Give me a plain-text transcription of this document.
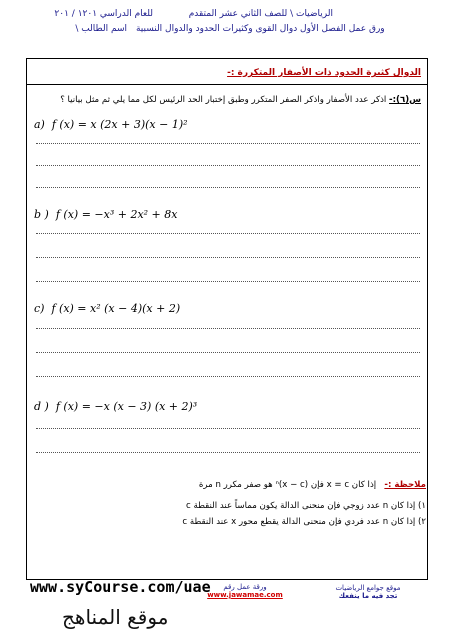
الرياضيات \ للصف الثاني عشر المتقدم
للعام الدراسي ١٢٠١ / ٢٠١
ورق عمل الفصل الأول دوال القوى وكثيرات الحدود والدوال النسبية اسم الطالب \
الدوال كثيرة الحدود ذات الأصفار المتكررة :-
س(٦):- اذكر عدد الأصفار واذكر الصفر المتكرر وطبق إختبار الحد الرئيس لكل مما يلي ثم مثل بيانيا ؟
a) f (x) = x (2x + 3)(x − 1)²
b ) f (x) = −x³ + 2x² + 8x
c) f (x) = x² (x − 4)(x + 2)
d ) f (x) = −x (x − 3) (x + 2)³
ملاحظة :-   إذا كان x = c فإن (x − c)ⁿ هو صفر مكرر n مرة
١) إذا كان n عدد زوجي فإن منحنى الدالة يكون مماساً عند النقطة c
٢) إذا كان n عدد فردي فإن منحنى الدالة يقطع محور x عند النقطة c
www.syCourse.com/uae	ورقة عمل رقم
www.jawamae.com
موقع جوامع الرياضيات
تجد فيه ما ينفعك
موقع المناهج
